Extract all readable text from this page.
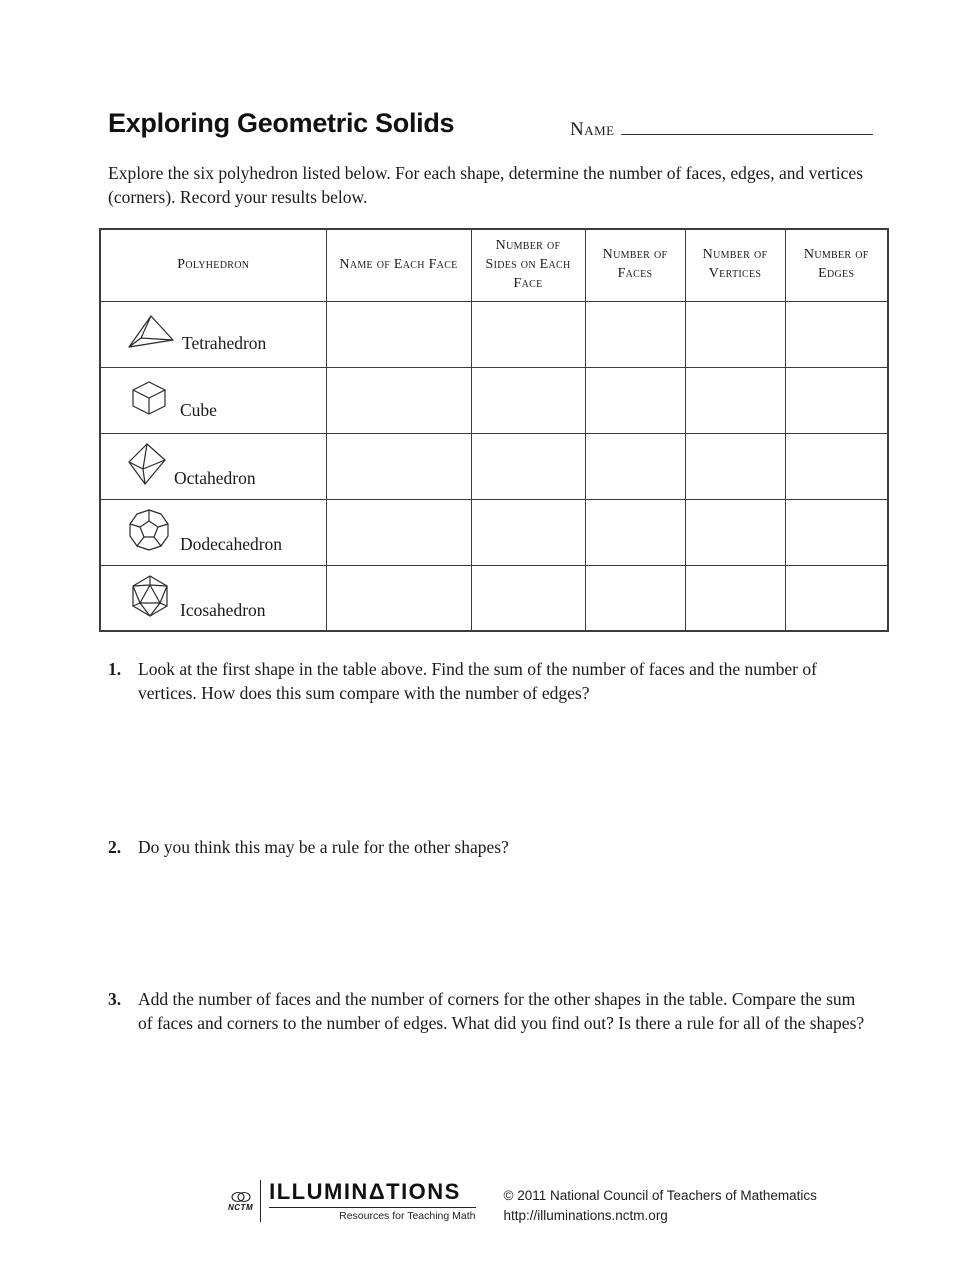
Exploring Geometric Solids	Name
Explore the six polyhedron listed below. For each shape, determine the number of faces, edges, and vertices (corners). Record your results below.
Polyhedron	Name of Each Face	Number of Sides on Each Face	Number of Faces	Number of Vertices	Number of Edges

Tetrahedron					

Cube					

Octahedron					

Dodecahedron					

Icosahedron					

1. Look at the first shape in the table above. Find the sum of the number of faces and the number of vertices. How does this sum compare with the number of edges?
2. Do you think this may be a rule for the other shapes?
3. Add the number of faces and the number of corners for the other shapes in the table. Compare the sum of faces and corners to the number of edges. What did you find out? Is there a rule for all of the shapes?
NCTM
ILLUMINΔTIONS
Resources for Teaching Math
© 2011 National Council of Teachers of Mathematics
http://illuminations.nctm.org
